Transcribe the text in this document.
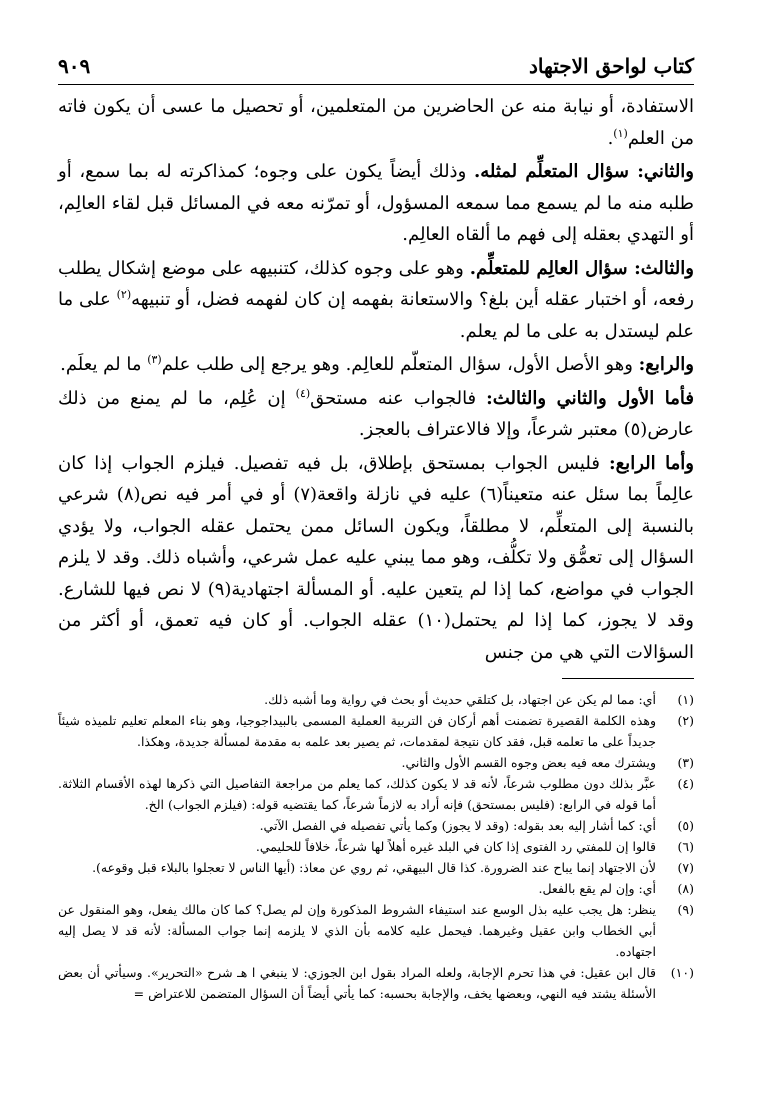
كتاب لواحق الاجتهاد
٩٠٩

الاستفادة، أو نيابة منه عن الحاضرين من المتعلمين، أو تحصيل ما عسى أن يكون فاته من العلم$^{(١)}$.

والثاني: سؤال المتعلِّم لمثله. وذلك أيضاً يكون على وجوه؛ كمذاكرته له بما سمع، أو طلبه منه ما لم يسمع مما سمعه المسؤول، أو تمرّنه معه في المسائل قبل لقاء العالِم، أو التهدي بعقله إلى فهم ما ألقاه العالِم.

والثالث: سؤال العالِم للمتعلِّم. وهو على وجوه كذلك، كتنبيهه على موضع إشكال يطلب رفعه، أو اختبار عقله أين بلغ؟ والاستعانة بفهمه إن كان لفهمه فضل، أو تنبيهه$^{(٢)}$ على ما علم ليستدل به على ما لم يعلم.

والرابع: وهو الأصل الأول، سؤال المتعلّم للعالِم. وهو يرجع إلى طلب علم$^{(٣)}$ ما لم يعلَم.

فأما الأول والثاني والثالث: فالجواب عنه مستحق$^{(٤)}$ إن عُلِم، ما لم يمنع من ذلك عارض(٥) معتبر شرعاً، وإلا فالاعتراف بالعجز.

وأما الرابع: فليس الجواب بمستحق بإطلاق، بل فيه تفصيل. فيلزم الجواب إذا كان عالِماً بما سئل عنه متعيناً(٦) عليه في نازلة واقعة(٧) أو في أمر فيه نص(٨) شرعي بالنسبة إلى المتعلِّم، لا مطلقاً، ويكون السائل ممن يحتمل عقله الجواب، ولا يؤدي السؤال إلى تعمُّق ولا تكلُّف، وهو مما يبني عليه عمل شرعي، وأشباه ذلك. وقد لا يلزم الجواب في مواضع، كما إذا لم يتعين عليه. أو المسألة اجتهادية(٩) لا نص فيها للشارع. وقد لا يجوز، كما إذا لم يحتمل(١٠) عقله الجواب. أو كان فيه تعمق، أو أكثر من السؤالات التي هي من جنس

(١)
أي: مما لم يكن عن اجتهاد، بل كتلقي حديث أو بحث في رواية وما أشبه ذلك.
(٢)
وهذه الكلمة القصيرة تضمنت أهم أركان فن التربية العملية المسمى بالبيداجوجيا، وهو بناء المعلم تعليم تلميذه شيئاً جديداً على ما تعلمه قبل، فقد كان نتيجة لمقدمات، ثم يصير بعد علمه به مقدمة لمسألة جديدة، وهكذا.
(٣)
ويشترك معه فيه بعض وجوه القسم الأول والثاني.
(٤)
عبَّر بذلك دون مطلوب شرعاً، لأنه قد لا يكون كذلك، كما يعلم من مراجعة التفاصيل التي ذكرها لهذه الأقسام الثلاثة. أما قوله في الرابع: (فليس بمستحق) فإنه أراد به لازماً شرعاً، كما يقتضيه قوله: (فيلزم الجواب) الخ.
(٥)
أي: كما أشار إليه بعد بقوله: (وقد لا يجوز) وكما يأتي تفصيله في الفصل الآتي.
(٦)
قالوا إن للمفتي رد الفتوى إذا كان في البلد غيره أهلاً لها شرعاً، خلافاً للحليمي.
(٧)
لأن الاجتهاد إنما يباح عند الضرورة. كذا قال البيهقي، ثم روي عن معاذ: (أيها الناس لا تعجلوا بالبلاء قبل وقوعه).
(٨)
أي: وإن لم يقع بالفعل.
(٩)
ينظر: هل يجب عليه بذل الوسع عند استيفاء الشروط المذكورة وإن لم يصل؟ كما كان مالك يفعل، وهو المنقول عن أبي الخطاب وابن عقيل وغيرهما. فيحمل عليه كلامه بأن الذي لا يلزمه إنما جواب المسألة: لأنه قد لا يصل إليه اجتهاده.
(١٠)
قال ابن عقيل: في هذا تحرم الإجابة، ولعله المراد بقول ابن الجوزي: لا ينبغي ا هـ شرح «التحرير». وسيأتي أن بعض الأسئلة يشتد فيه النهي، وبعضها يخف، والإجابة بحسبه: كما يأتي أيضاً أن السؤال المتضمن للاعتراض =
